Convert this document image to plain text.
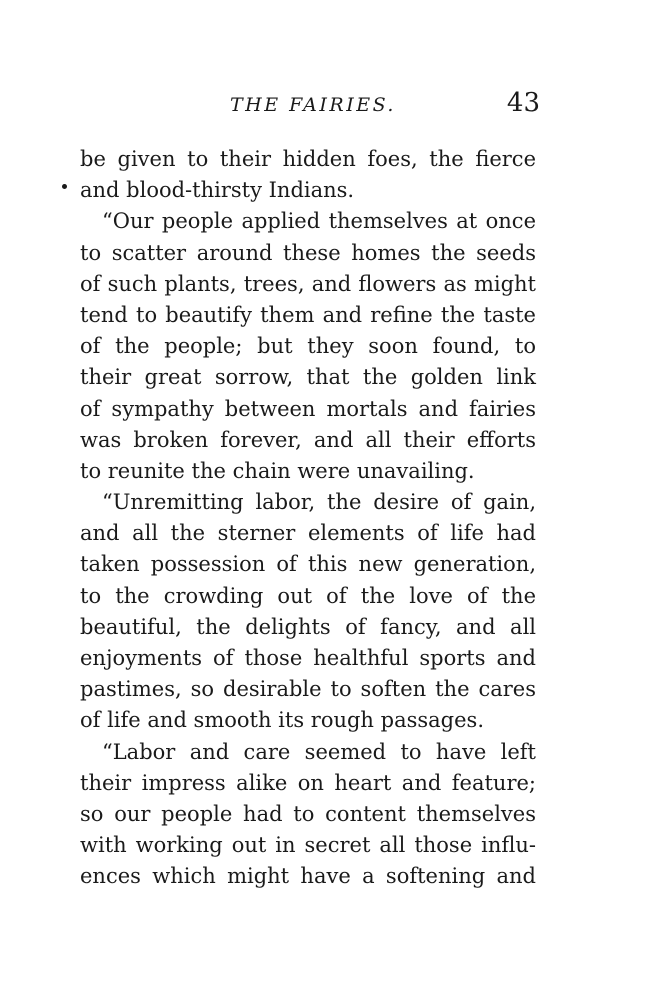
THE FAIRIES.	43
be given to their hidden foes, the fierce
and blood-thirsty Indians.
“Our people applied themselves at once
to scatter around these homes the seeds
of such plants, trees, and flowers as might
tend to beautify them and refine the taste
of the people; but they soon found, to
their great sorrow, that the golden link
of sympathy between mortals and fairies
was broken forever, and all their efforts
to reunite the chain were unavailing.
“Unremitting labor, the desire of gain,
and all the sterner elements of life had
taken possession of this new generation,
to the crowding out of the love of the
beautiful, the delights of fancy, and all
enjoyments of those healthful sports and
pastimes, so desirable to soften the cares
of life and smooth its rough passages.
“Labor and care seemed to have left
their impress alike on heart and feature;
so our people had to content themselves
with working out in secret all those influ-
ences which might have a softening and
